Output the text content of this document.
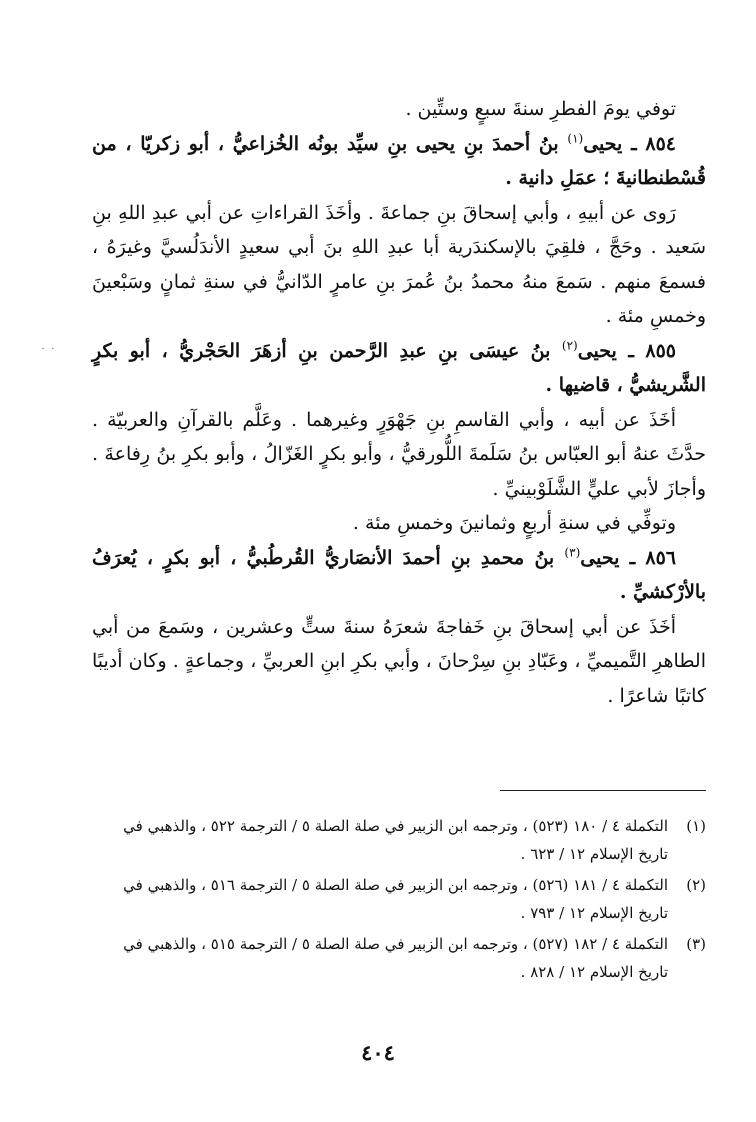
˙ ˙

توفي يومَ الفطرِ سنةَ سبعٍ وستِّين .

٨٥٤ ـ يحيى$^{(١)}$ بنُ أحمدَ بنِ يحيى بنِ سيِّد بونُه الخُزاعيُّ ، أبو زكريّا ، من قُسْطنطانيةَ ؛ عمَلِ دانية .

رَوى عن أبيهِ ، وأبي إسحاقَ بنِ جماعةَ . وأخَذَ القراءاتِ عن أبي عبدِ اللهِ بنِ سَعيد . وحَجَّ ، فلقِيَ بالإسكندَرية أبا عبدِ اللهِ بنَ أبي سعيدٍ الأندَلُسيَّ وغيرَهُ ، فسمعَ منهم . سَمعَ منهُ محمدُ بنُ عُمرَ بنِ عامرٍ الدّانيُّ في سنةِ ثمانٍ وسَبْعينَ وخمسِ مئة .

٨٥٥ ـ يحيى$^{(٢)}$ بنُ عيسَى بنِ عبدِ الرَّحمن بنِ أزهَرَ الحَجْريُّ ، أبو بكرٍ الشَّريشيُّ ، قاضيها .

أخَذَ عن أبيه ، وأبي القاسمِ بنِ جَهْوَرٍ وغيرهما . وعَلَّم بالقرآنِ والعربيّة . حدَّثَ عنهُ أبو العبّاس بنُ سَلَمةَ اللُّورقيُّ ، وأبو بكرٍ الغَزّالُ ، وأبو بكرِ بنُ رِفاعةَ . وأجازَ لأبي عليٍّ الشَّلَوْبينيِّ .

وتوفِّي في سنةِ أربعٍ وثمانينَ وخمسِ مئة .

٨٥٦ ـ يحيى$^{(٣)}$ بنُ محمدِ بنِ أحمدَ الأنصَاريُّ القُرطُبيُّ ، أبو بكرٍ ، يُعرَفُ بالأرْكشيِّ .

أخَذَ عن أبي إسحاقَ بنِ خَفاجةَ شعرَهُ سنةَ ستٍّ وعشرين ، وسَمعَ من أبي الطاهرِ التَّميميِّ ، وعَبّادِ بنِ سِرْحانَ ، وأبي بكرِ ابنِ العربيِّ ، وجماعةٍ . وكان أديبًا كاتبًا شاعرًا .

(١)
التكملة ٤ / ١٨٠ (٥٢٣) ، وترجمه ابن الزبير في صلة الصلة ٥ / الترجمة ٥٢٢ ، والذهبي في تاريخ الإسلام ١٢ / ٦٢٣ .
(٢)
التكملة ٤ / ١٨١ (٥٢٦) ، وترجمه ابن الزبير في صلة الصلة ٥ / الترجمة ٥١٦ ، والذهبي في تاريخ الإسلام ١٢ / ٧٩٣ .
(٣)
التكملة ٤ / ١٨٢ (٥٢٧) ، وترجمه ابن الزبير في صلة الصلة ٥ / الترجمة ٥١٥ ، والذهبي في تاريخ الإسلام ١٢ / ٨٢٨ .
٤٠٤
